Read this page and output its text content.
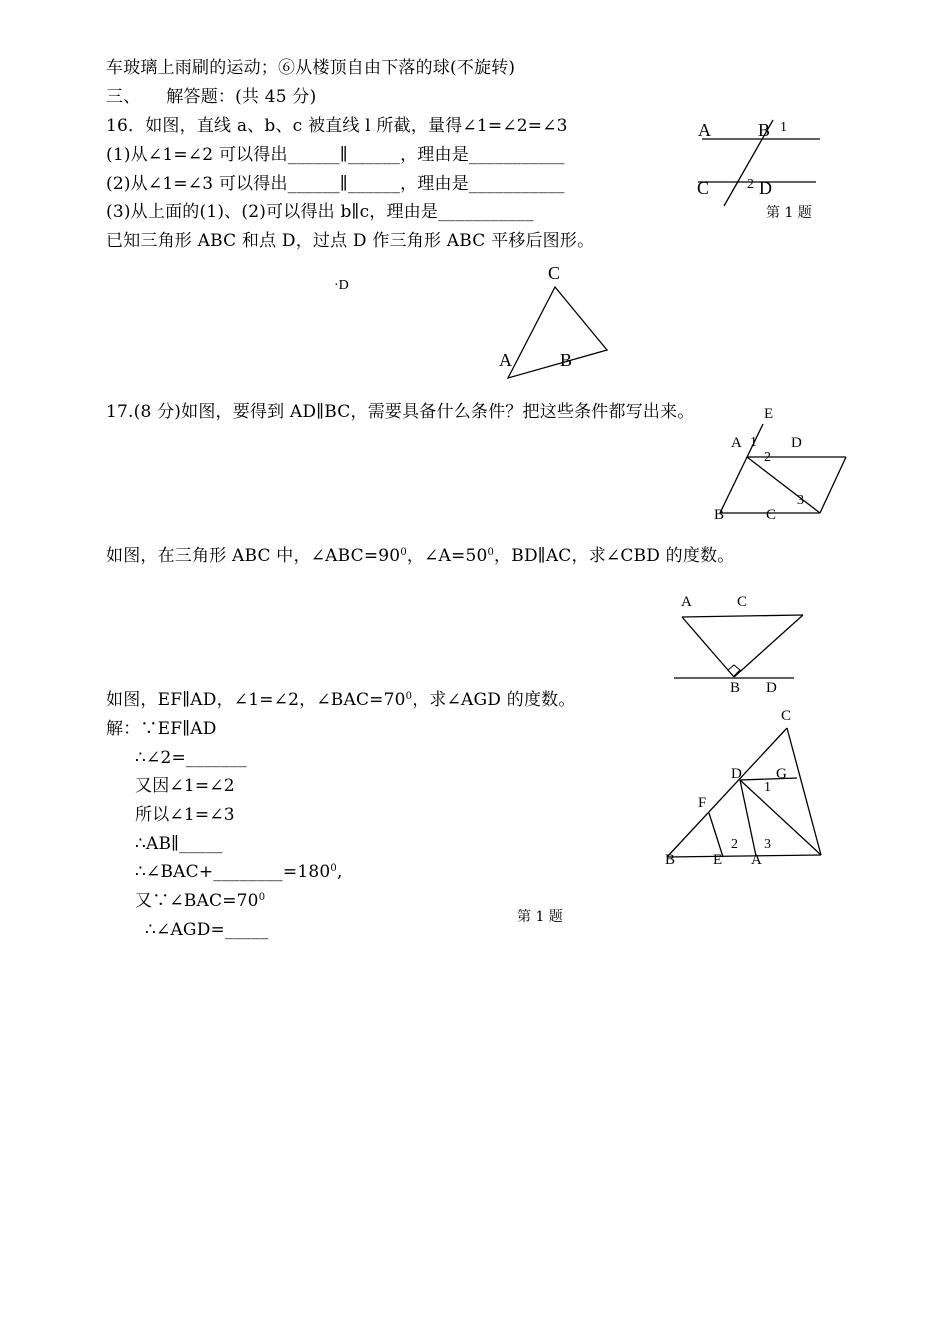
车玻璃上雨刷的运动；⑥从楼顶自由下落的球(不旋转)
三、　　解答题：(共 45 分)
16．如图，直线 a、b、c 被直线 l 所截，量得∠1=∠2=∠3
(1)从∠1=∠2 可以得出______∥______，理由是___________
(2)从∠1=∠3 可以得出______∥______，理由是___________
(3)从上面的(1)、(2)可以得出 b∥c，理由是___________
已知三角形 ABC 和点 D，过点 D 作三角形 ABC 平移后图形。
17.(8 分)如图，要得到 AD∥BC，需要具备什么条件？把这些条件都写出来。
如图，在三角形 ABC 中，$\angle ABC=90^0$，$\angle A=50^0$，BD∥AC，求∠CBD 的度数。
如图，EF∥AD，∠1=∠2，$\angle BAC=70^0$，求∠AGD 的度数。
解：∵EF∥AD
∴∠2=_______
又因∠1=∠2
所以∠1=∠3
∴AB∥_____
$\therefore\angle BAC+\_\_\_\_\_\_\_\_=180^0$,
又$\because\angle BAC=70^0$
∴∠AGD=_____
A	B 1
C	2 D
第 1 题
·D
C
A	B
E
A 1 D
2
3
B	C
A	C
B D
C
D G
1
F
2 3
B	E A
第 1 题
